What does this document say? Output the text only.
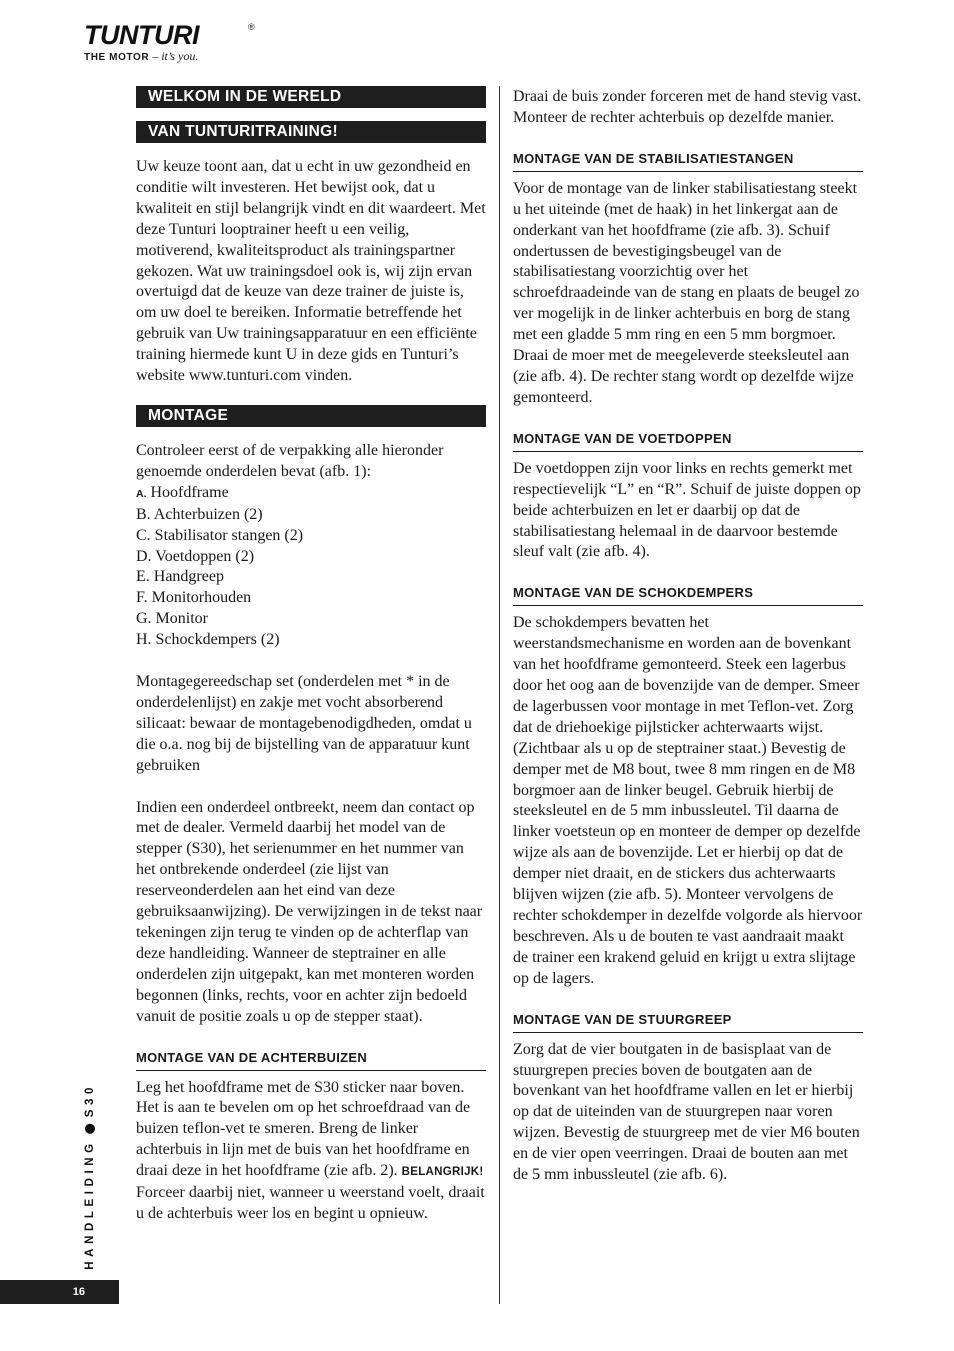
TUNTURI	®
THE MOTOR – it’s you.
WELKOM IN DE WERELD
VAN TUNTURITRAINING!

Uw keuze toont aan, dat u echt in uw gezondheid en conditie wilt investeren. Het bewijst ook, dat u kwaliteit en stijl belangrijk vindt en dit waardeert. Met deze Tunturi looptrainer heeft u een veilig, motiverend, kwaliteitsproduct als trainingspartner gekozen. Wat uw trainingsdoel ook is, wij zijn ervan overtuigd dat de keuze van deze trainer de juiste is, om uw doel te bereiken. Informatie betreffende het gebruik van Uw trainingsapparatuur en een efficiënte training hiermede kunt U in deze gids en Tunturi’s website www.tunturi.com vinden.

MONTAGE

Controleer eerst of de verpakking alle hieronder genoemde onderdelen bevat (afb. 1):

A. Hoofdframe
B. Achterbuizen (2)
C. Stabilisator stangen (2)
D. Voetdoppen (2)
E. Handgreep
F. Monitorhouden
G. Monitor
H. Schockdempers (2)

Montagegereedschap set (onderdelen met * in de onderdelenlijst) en zakje met vocht absorberend silicaat: bewaar de montagebenodigdheden, omdat u die o.a. nog bij de bijstelling van de apparatuur kunt gebruiken

Indien een onderdeel ontbreekt, neem dan contact op met de dealer. Vermeld daarbij het model van de stepper (S30), het serienummer en het nummer van het ontbrekende onderdeel (zie lijst van reserveonderdelen aan het eind van deze gebruiksaanwijzing). De verwijzingen in de tekst naar tekeningen zijn terug te vinden op de achterflap van deze handleiding. Wanneer de steptrainer en alle onderdelen zijn uitgepakt, kan met monteren worden begonnen (links, rechts, voor en achter zijn bedoeld vanuit de positie zoals u op de stepper staat).

MONTAGE VAN DE ACHTERBUIZEN

Leg het hoofdframe met de S30 sticker naar boven. Het is aan te bevelen om op het schroefdraad van de buizen teflon-vet te smeren. Breng de linker achterbuis in lijn met de buis van het hoofdframe en draai deze in het hoofdframe (zie afb. 2). BELANGRIJK! Forceer daarbij niet, wanneer u weerstand voelt, draait u de achterbuis weer los en begint u opnieuw.

Draai de buis zonder forceren met de hand stevig vast. Monteer de rechter achterbuis op dezelfde manier.

MONTAGE VAN DE STABILISATIESTANGEN

Voor de montage van de linker stabilisatiestang steekt u het uiteinde (met de haak) in het linkergat aan de onderkant van het hoofdframe (zie afb. 3). Schuif ondertussen de bevestigingsbeugel van de stabilisatiestang voorzichtig over het schroefdraadeinde van de stang en plaats de beugel zo ver mogelijk in de linker achterbuis en borg de stang met een gladde 5 mm ring en een 5 mm borgmoer. Draai de moer met de meegeleverde steeksleutel aan (zie afb. 4). De rechter stang wordt op dezelfde wijze gemonteerd.

MONTAGE VAN DE VOETDOPPEN

De voetdoppen zijn voor links en rechts gemerkt met respectievelijk “L” en “R”. Schuif de juiste doppen op beide achterbuizen en let er daarbij op dat de stabilisatiestang helemaal in de daarvoor bestemde sleuf valt (zie afb. 4).

MONTAGE VAN DE SCHOKDEMPERS

De schokdempers bevatten het weerstandsmechanisme en worden aan de bovenkant van het hoofdframe gemonteerd. Steek een lagerbus door het oog aan de bovenzijde van de demper. Smeer de lagerbussen voor montage in met Teflon-vet. Zorg dat de driehoekige pijlsticker achterwaarts wijst. (Zichtbaar als u op de steptrainer staat.) Bevestig de demper met de M8 bout, twee 8 mm ringen en de M8 borgmoer aan de linker beugel. Gebruik hierbij de steeksleutel en de 5 mm inbussleutel. Til daarna de linker voetsteun op en monteer de demper op dezelfde wijze als aan de bovenzijde. Let er hierbij op dat de demper niet draait, en de stickers dus achterwaarts blijven wijzen (zie afb. 5). Monteer vervolgens de rechter schokdemper in dezelfde volgorde als hiervoor beschreven. Als u de bouten te vast aandraait maakt de trainer een krakend geluid en krijgt u extra slijtage op de lagers.

MONTAGE VAN DE STUURGREEP

Zorg dat de vier boutgaten in de basisplaat van de stuurgrepen precies boven de boutgaten aan de bovenkant van het hoofdframe vallen en let er hierbij op dat de uiteinden van de stuurgrepen naar voren wijzen. Bevestig de stuurgreep met de vier M6 bouten en de vier open veerringen. Draai de bouten aan met de 5 mm inbussleutel (zie afb. 6).

HANDLEIDINGS30
16
